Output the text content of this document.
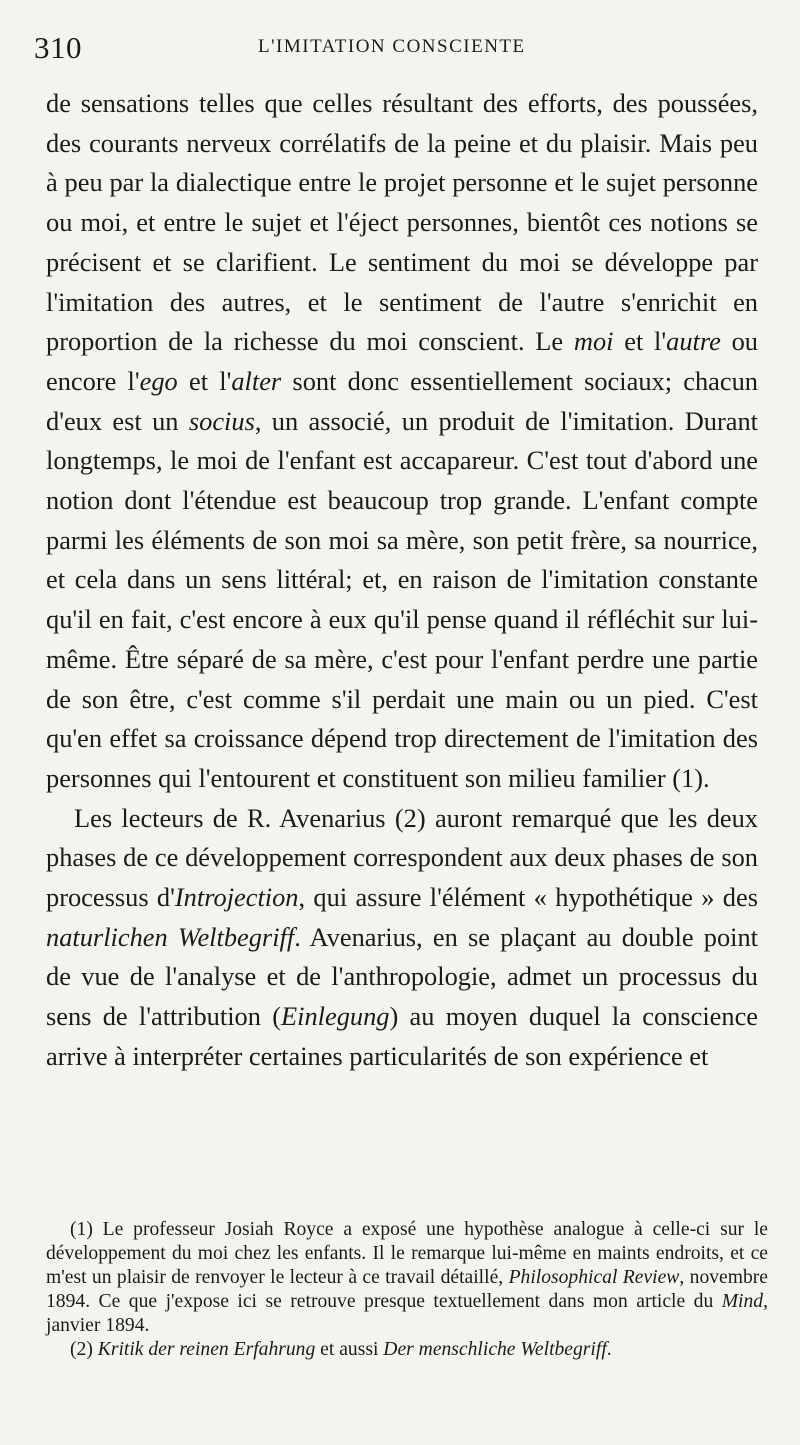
310	L'IMITATION CONSCIENTE

de sensations telles que celles résultant des efforts, des poussées, des courants nerveux corrélatifs de la peine et du plaisir. Mais peu à peu par la dialectique entre le projet personne et le sujet personne ou moi, et entre le sujet et l'éject personnes, bientôt ces notions se précisent et se clarifient. Le sentiment du moi se développe par l'imitation des autres, et le sentiment de l'autre s'enrichit en proportion de la richesse du moi conscient. Le moi et l'autre ou encore l'ego et l'alter sont donc essentiellement sociaux; chacun d'eux est un socius, un associé, un produit de l'imitation. Durant longtemps, le moi de l'enfant est accapareur. C'est tout d'abord une notion dont l'étendue est beaucoup trop grande. L'enfant compte parmi les éléments de son moi sa mère, son petit frère, sa nourrice, et cela dans un sens littéral; et, en raison de l'imitation constante qu'il en fait, c'est encore à eux qu'il pense quand il réfléchit sur lui-même. Être séparé de sa mère, c'est pour l'enfant perdre une partie de son être, c'est comme s'il perdait une main ou un pied. C'est qu'en effet sa croissance dépend trop directement de l'imitation des personnes qui l'entourent et constituent son milieu familier (1).

Les lecteurs de R. Avenarius (2) auront remarqué que les deux phases de ce développement correspondent aux deux phases de son processus d'Introjection, qui assure l'élément « hypothétique » des naturlichen Weltbegriff. Avenarius, en se plaçant au double point de vue de l'analyse et de l'anthropologie, admet un processus du sens de l'attribution (Einlegung) au moyen duquel la conscience arrive à interpréter certaines particularités de son expérience et

(1) Le professeur Josiah Royce a exposé une hypothèse analogue à celle-ci sur le développement du moi chez les enfants. Il le remarque lui-même en maints endroits, et ce m'est un plaisir de renvoyer le lecteur à ce travail détaillé, Philosophical Review, novembre 1894. Ce que j'expose ici se retrouve presque textuellement dans mon article du Mind, janvier 1894.

(2) Kritik der reinen Erfahrung et aussi Der menschliche Weltbegriff.
